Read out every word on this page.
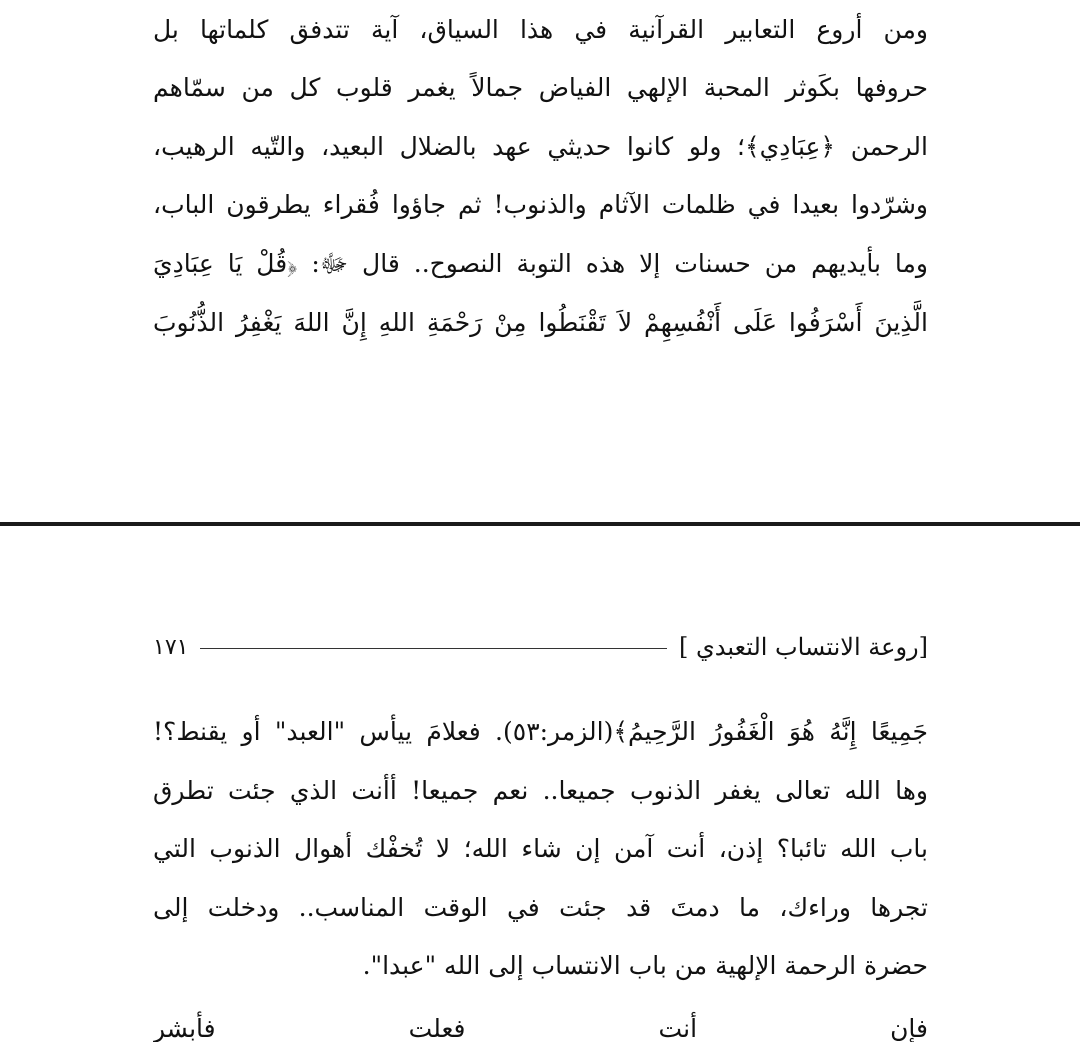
ومن أروع التعابير القرآنية في هذا السياق، آية تتدفق كلماتها بل
حروفها بكَوثر المحبة الإلهي الفياض جمالاً يغمر قلوب كل من سمّاهم
الرحمن ﴿عِبَادِي﴾؛ ولو كانوا حديثي عهد بالضلال البعيد، والتّيه الرهيب،
وشرّدوا بعيدا في ظلمات الآثام والذنوب! ثم جاؤوا فُقراء يطرقون الباب،
وما بأيديهم من حسنات إلا هذه التوبة النصوح.. قال ﷻ: ﴿قُلْ يَا عِبَادِيَ
الَّذِينَ أَسْرَفُوا عَلَى أَنْفُسِهِمْ لاَ تَقْنَطُوا مِنْ رَحْمَةِ اللهِ إِنَّ اللهَ يَغْفِرُ الذُّنُوبَ
[روعة الانتساب التعبدي ]
١٧١
جَمِيعًا إِنَّهُ هُوَ الْغَفُورُ الرَّحِيمُ﴾(الزمر:٥٣). فعلامَ ييأس "العبد" أو يقنط؟!
وها الله تعالى يغفر الذنوب جميعا.. نعم جميعا! أأنت الذي جئت تطرق
باب الله تائبا؟ إذن، أنت آمن إن شاء الله؛ لا تُخفْك أهوال الذنوب التي
تجرها وراءك، ما دمتَ قد جئت في الوقت المناسب.. ودخلت إلى
حضرة الرحمة الإلهية من باب الانتساب إلى الله "عبدا".
فإن أنت فعلت فأبشر
